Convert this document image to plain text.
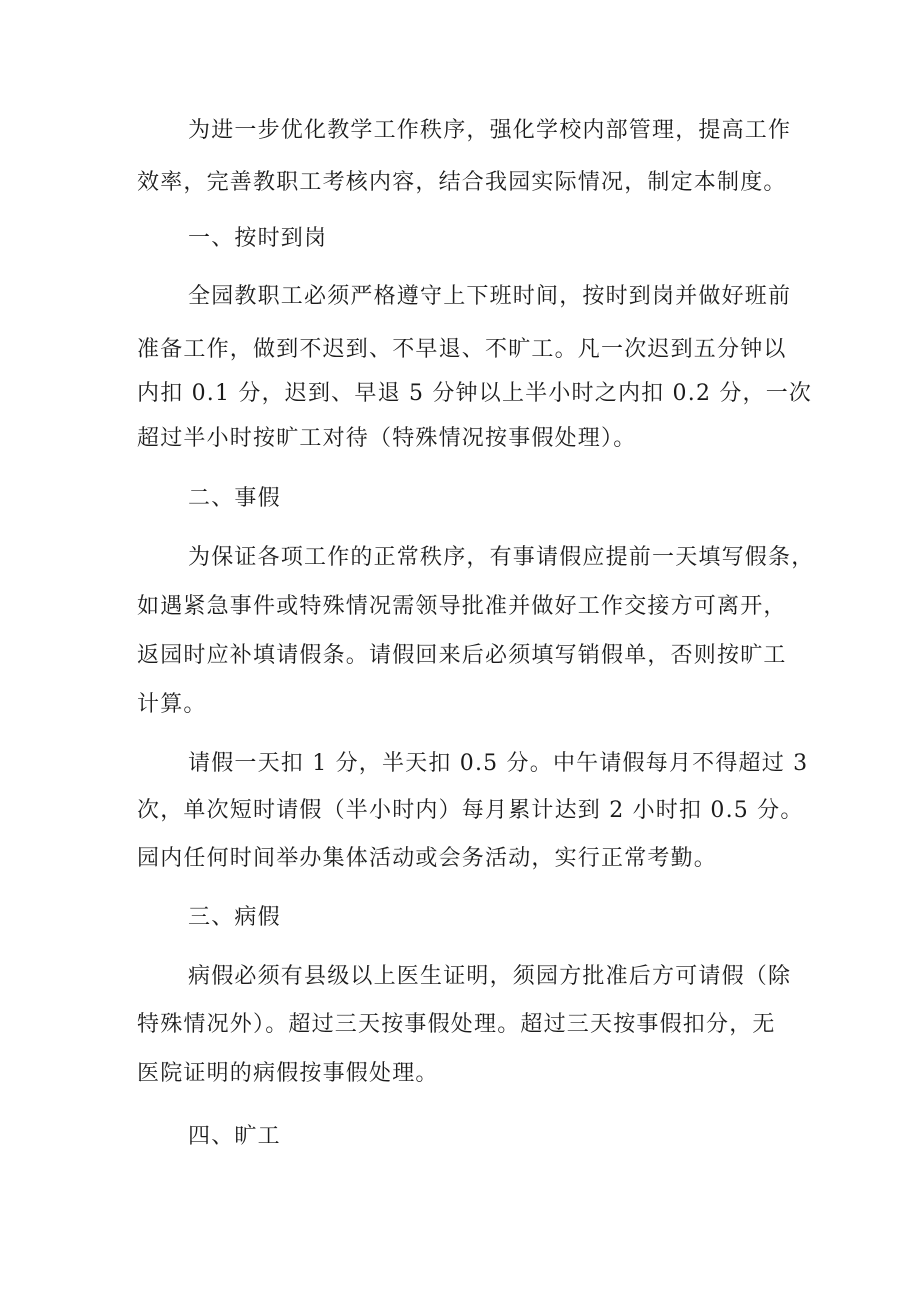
为进一步优化教学工作秩序，强化学校内部管理，提高工作
效率，完善教职工考核内容，结合我园实际情况，制定本制度。
一、按时到岗
全园教职工必须严格遵守上下班时间，按时到岗并做好班前
准备工作，做到不迟到、不早退、不旷工。凡一次迟到五分钟以
内扣 0.1 分，迟到、早退 5 分钟以上半小时之内扣 0.2 分，一次
超过半小时按旷工对待（特殊情况按事假处理）。
二、事假
为保证各项工作的正常秩序，有事请假应提前一天填写假条，
如遇紧急事件或特殊情况需领导批准并做好工作交接方可离开，
返园时应补填请假条。请假回来后必须填写销假单，否则按旷工
计算。
请假一天扣 1 分，半天扣 0.5 分。中午请假每月不得超过 3
次，单次短时请假（半小时内）每月累计达到 2 小时扣 0.5 分。
园内任何时间举办集体活动或会务活动，实行正常考勤。
三、病假
病假必须有县级以上医生证明，须园方批准后方可请假（除
特殊情况外）。超过三天按事假处理。超过三天按事假扣分，无
医院证明的病假按事假处理。
四、旷工
